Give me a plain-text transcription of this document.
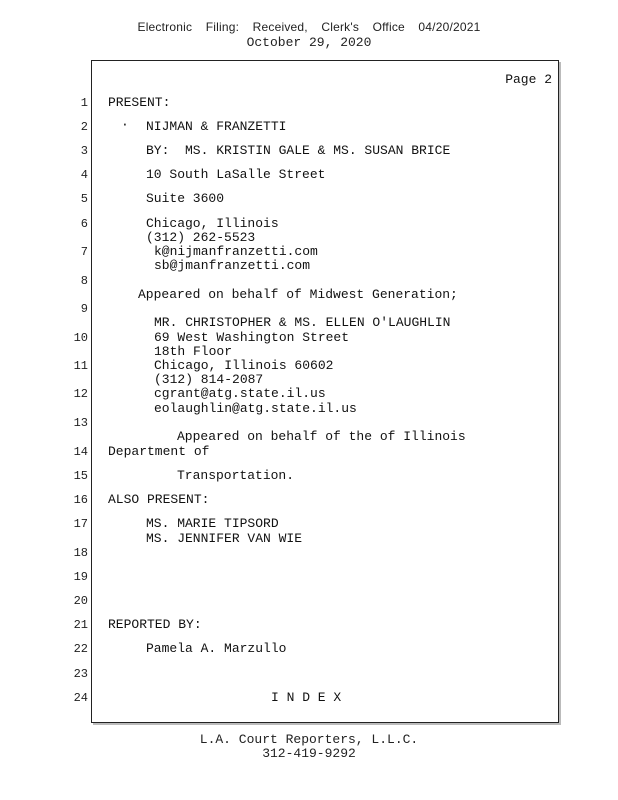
Electronic Filing: Received, Clerk's Office 04/20/2021
October 29, 2020
Page 2
1
2
3
4
5
6
7
8
9
10
11
12
13
14
15
16
17
18
19
20
21
22
23
24
PRESENT:
· NIJMAN & FRANZETTI
BY:  MS. KRISTIN GALE & MS. SUSAN BRICE
10 South LaSalle Street
Suite 3600
Chicago, Illinois
(312) 262-5523
k@nijmanfranzetti.com
sb@jmanfranzetti.com
Appeared on behalf of Midwest Generation;
MR. CHRISTOPHER & MS. ELLEN O'LAUGHLIN
69 West Washington Street
18th Floor
Chicago, Illinois 60602
(312) 814-2087
cgrant@atg.state.il.us
eolaughlin@atg.state.il.us
Appeared on behalf of the of Illinois
Department of
Transportation.
ALSO PRESENT:
MS. MARIE TIPSORD
MS. JENNIFER VAN WIE
REPORTED BY:
Pamela A. Marzullo
I N D E X
L.A. Court Reporters, L.L.C.
312-419-9292
